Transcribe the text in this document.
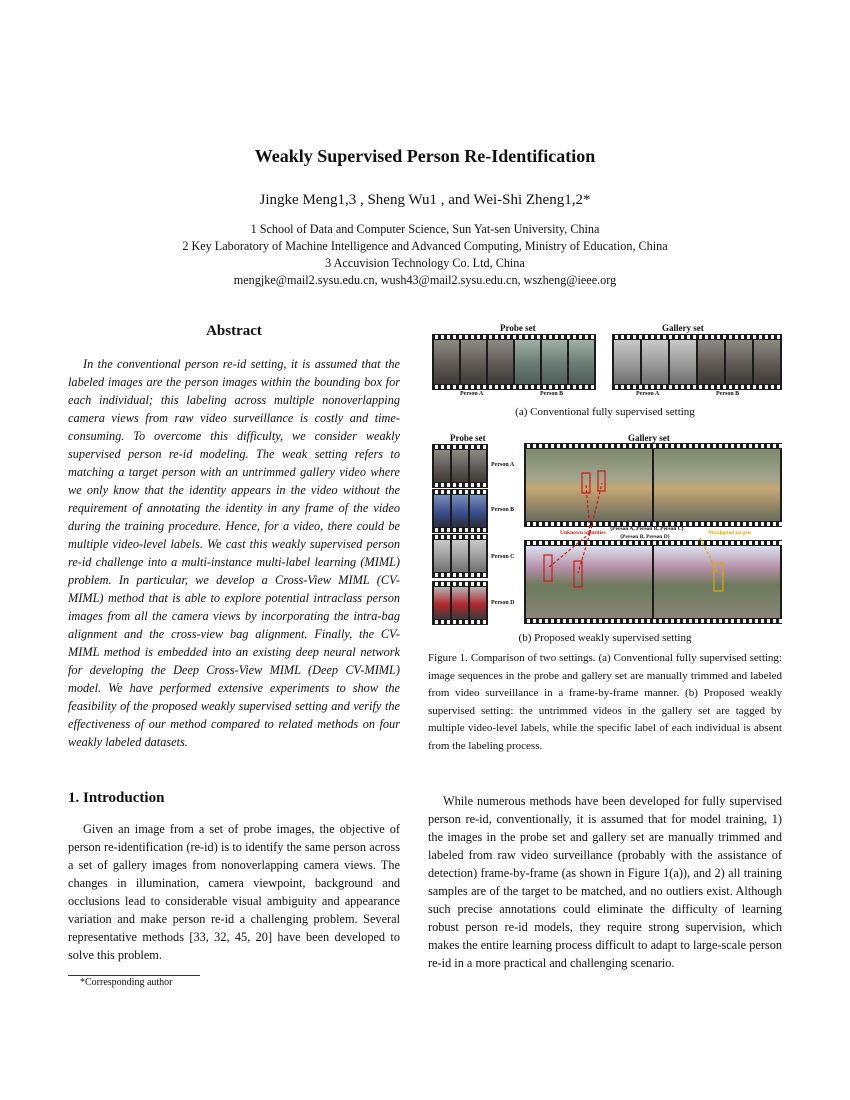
Weakly Supervised Person Re-Identification
Jingke Meng1,3 , Sheng Wu1 , and Wei-Shi Zheng1,2*
1 School of Data and Computer Science, Sun Yat-sen University, China
2 Key Laboratory of Machine Intelligence and Advanced Computing, Ministry of Education, China
3 Accuvision Technology Co. Ltd, China
mengjke@mail2.sysu.edu.cn, wush43@mail2.sysu.edu.cn, wszheng@ieee.org
Abstract

In the conventional person re-id setting, it is assumed that the labeled images are the person images within the bounding box for each individual; this labeling across multiple nonoverlapping camera views from raw video surveillance is costly and time-consuming. To overcome this difficulty, we consider weakly supervised person re-id modeling. The weak setting refers to matching a target person with an untrimmed gallery video where we only know that the identity appears in the video without the requirement of annotating the identity in any frame of the video during the training procedure. Hence, for a video, there could be multiple video-level labels. We cast this weakly supervised person re-id challenge into a multi-instance multi-label learning (MIML) problem. In particular, we develop a Cross-View MIML (CV-MIML) method that is able to explore potential intraclass person images from all the camera views by incorporating the intra-bag alignment and the cross-view bag alignment. Finally, the CV-MIML method is embedded into an existing deep neural network for developing the Deep Cross-View MIML (Deep CV-MIML) model. We have performed extensive experiments to show the feasibility of the proposed weakly supervised setting and verify the effectiveness of our method compared to related methods on four weakly labeled datasets.

1. Introduction

Given an image from a set of probe images, the objective of person re-identification (re-id) is to identify the same person across a set of gallery images from nonoverlapping camera views. The changes in illumination, camera viewpoint, background and occlusions lead to considerable visual ambiguity and appearance variation and make person re-id a challenging problem. Several representative methods [33, 32, 45, 20] have been developed to solve this problem.

While numerous methods have been developed for fully supervised person re-id, conventionally, it is assumed that for model training, 1) the images in the probe set and gallery set are manually trimmed and labeled from raw video surveillance (probably with the assistance of detection) frame-by-frame (as shown in Figure 1(a)), and 2) all training samples are of the target to be matched, and no outliers exist. Although such precise annotations could eliminate the difficulty of learning robust person re-id models, they require strong supervision, which makes the entire learning process difficult to adapt to large-scale person re-id in a more practical and challenging scenario.

*Corresponding author
Probe set	Gallery set
Person A	Person B	Person A	Person B
(a) Conventional fully supervised setting
Probe set	Gallery set
Person A
Person B
Person C
Person D
Unknown identities
{Person A, Person B, Person C}
{Person B, Person D}
Misaligned targets
(b) Proposed weakly supervised setting

Figure 1. Comparison of two settings. (a) Conventional fully supervised setting: image sequences in the probe and gallery set are manually trimmed and labeled from video surveillance in a frame-by-frame manner. (b) Proposed weakly supervised setting: the untrimmed videos in the gallery set are tagged by multiple video-level labels, while the specific label of each individual is absent from the labeling process.
